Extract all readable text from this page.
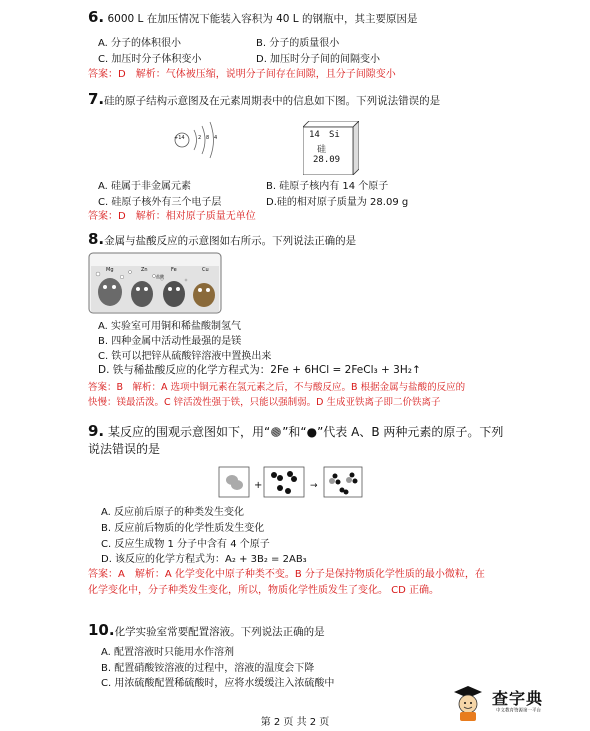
6. 6000 L 在加压情况下能装入容积为 40 L 的钢瓶中，其主要原因是
A. 分子的体积很小	B. 分子的质量很小
C. 加压时分子体积变小	D. 加压时分子间的间隔变小
答案：D　解析：气体被压缩，说明分子间存在间隙，且分子间隙变小
7.硅的原子结构示意图及在元素周期表中的信息如下图。下列说法错误的是
+14	2 8 4	14 Si
硅
28.09
A. 硅属于非金属元素	B. 硅原子核内有 14 个原子
C. 硅原子核外有三个电子层	D.硅的相对原子质量为 28.09 g
答案：D　解析：相对原子质量无单位
8.金属与盐酸反应的示意图如右所示。下列说法正确的是
Mg	Zn	Fe	Cu
盐酸
A. 实验室可用铜和稀盐酸制氢气
B. 四种金属中活动性最强的是镁
C. 铁可以把锌从硫酸锌溶液中置换出来
D. 铁与稀盐酸反应的化学方程式为：2Fe + 6HCl = 2FeCl₃ + 3H₂↑
答案：B　解析：A 选项中铜元素在氢元素之后，不与酸反应。B 根据金属与盐酸的反应的
快慢：镁最活泼。C 锌活泼性强于铁，只能以强制弱。D 生成亚铁离子即二价铁离子
9. 某反应的围观示意图如下，用“ ”和“●”代表 A、B 两种元素的原子。下列
说法错误的是
+	→
A. 反应前后原子的种类发生变化
B. 反应前后物质的化学性质发生变化
C. 反应生成物 1 分子中含有 4 个原子
D. 该反应的化学方程式为：A₂ + 3B₂ = 2AB₃
答案：A　解析：A 化学变化中原子种类不变。B 分子是保持物质化学性质的最小微粒，在
化学变化中，分子种类发生变化，所以，物质化学性质发生了变化。 CD 正确。
10.化学实验室常要配置溶液。下列说法正确的是
A. 配置溶液时只能用水作溶剂
B. 配置硝酸铵溶液的过程中，溶液的温度会下降
C. 用浓硫酸配置稀硫酸时，应将水缓缓注入浓硫酸中
查字典
中文教育资源第一平台
第 2 页 共 2 页
